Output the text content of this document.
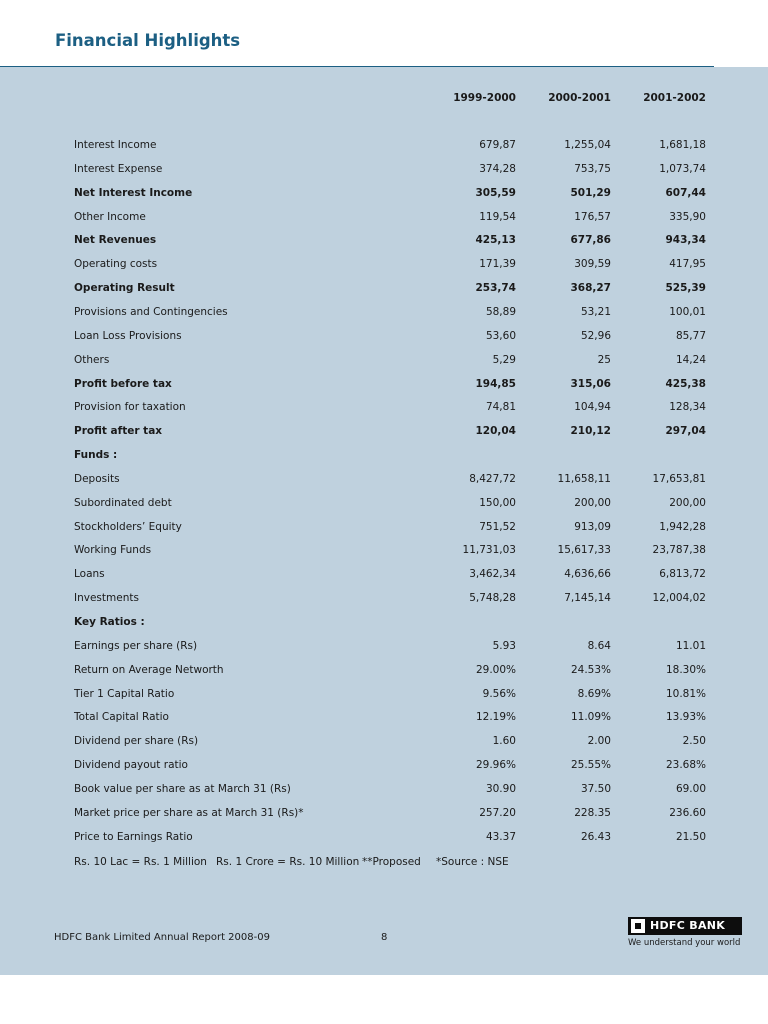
Financial Highlights
1999-2000	2000-2001	2001-2002
Interest Income	679,87	1,255,04	1,681,18
Interest Expense	374,28	753,75	1,073,74
Net Interest Income	305,59	501,29	607,44
Other Income	119,54	176,57	335,90
Net Revenues	425,13	677,86	943,34
Operating costs	171,39	309,59	417,95
Operating Result	253,74	368,27	525,39
Provisions and Contingencies	58,89	53,21	100,01
Loan Loss Provisions	53,60	52,96	85,77
Others	5,29	25	14,24
Profit before tax	194,85	315,06	425,38
Provision for taxation	74,81	104,94	128,34
Profit after tax	120,04	210,12	297,04
Funds :
Deposits	8,427,72	11,658,11	17,653,81
Subordinated debt	150,00	200,00	200,00
Stockholders’ Equity	751,52	913,09	1,942,28
Working Funds	11,731,03	15,617,33	23,787,38
Loans	3,462,34	4,636,66	6,813,72
Investments	5,748,28	7,145,14	12,004,02
Key Ratios :
Earnings per share (Rs)	5.93	8.64	11.01
Return on Average Networth	29.00%	24.53%	18.30%
Tier 1 Capital Ratio	9.56%	8.69%	10.81%
Total Capital Ratio	12.19%	11.09%	13.93%
Dividend per share (Rs)	1.60	2.00	2.50
Dividend payout ratio	29.96%	25.55%	23.68%
Book value per share as at March 31 (Rs)	30.90	37.50	69.00
Market price per share as at March 31 (Rs)*	257.20	228.35	236.60
Price to Earnings Ratio	43.37	26.43	21.50
Rs. 10 Lac = Rs. 1 Million Rs. 1 Crore = Rs. 10 Million **Proposed *Source : NSE
HDFC Bank Limited Annual Report 2008-09	8
HDFC BANK
We understand your world
